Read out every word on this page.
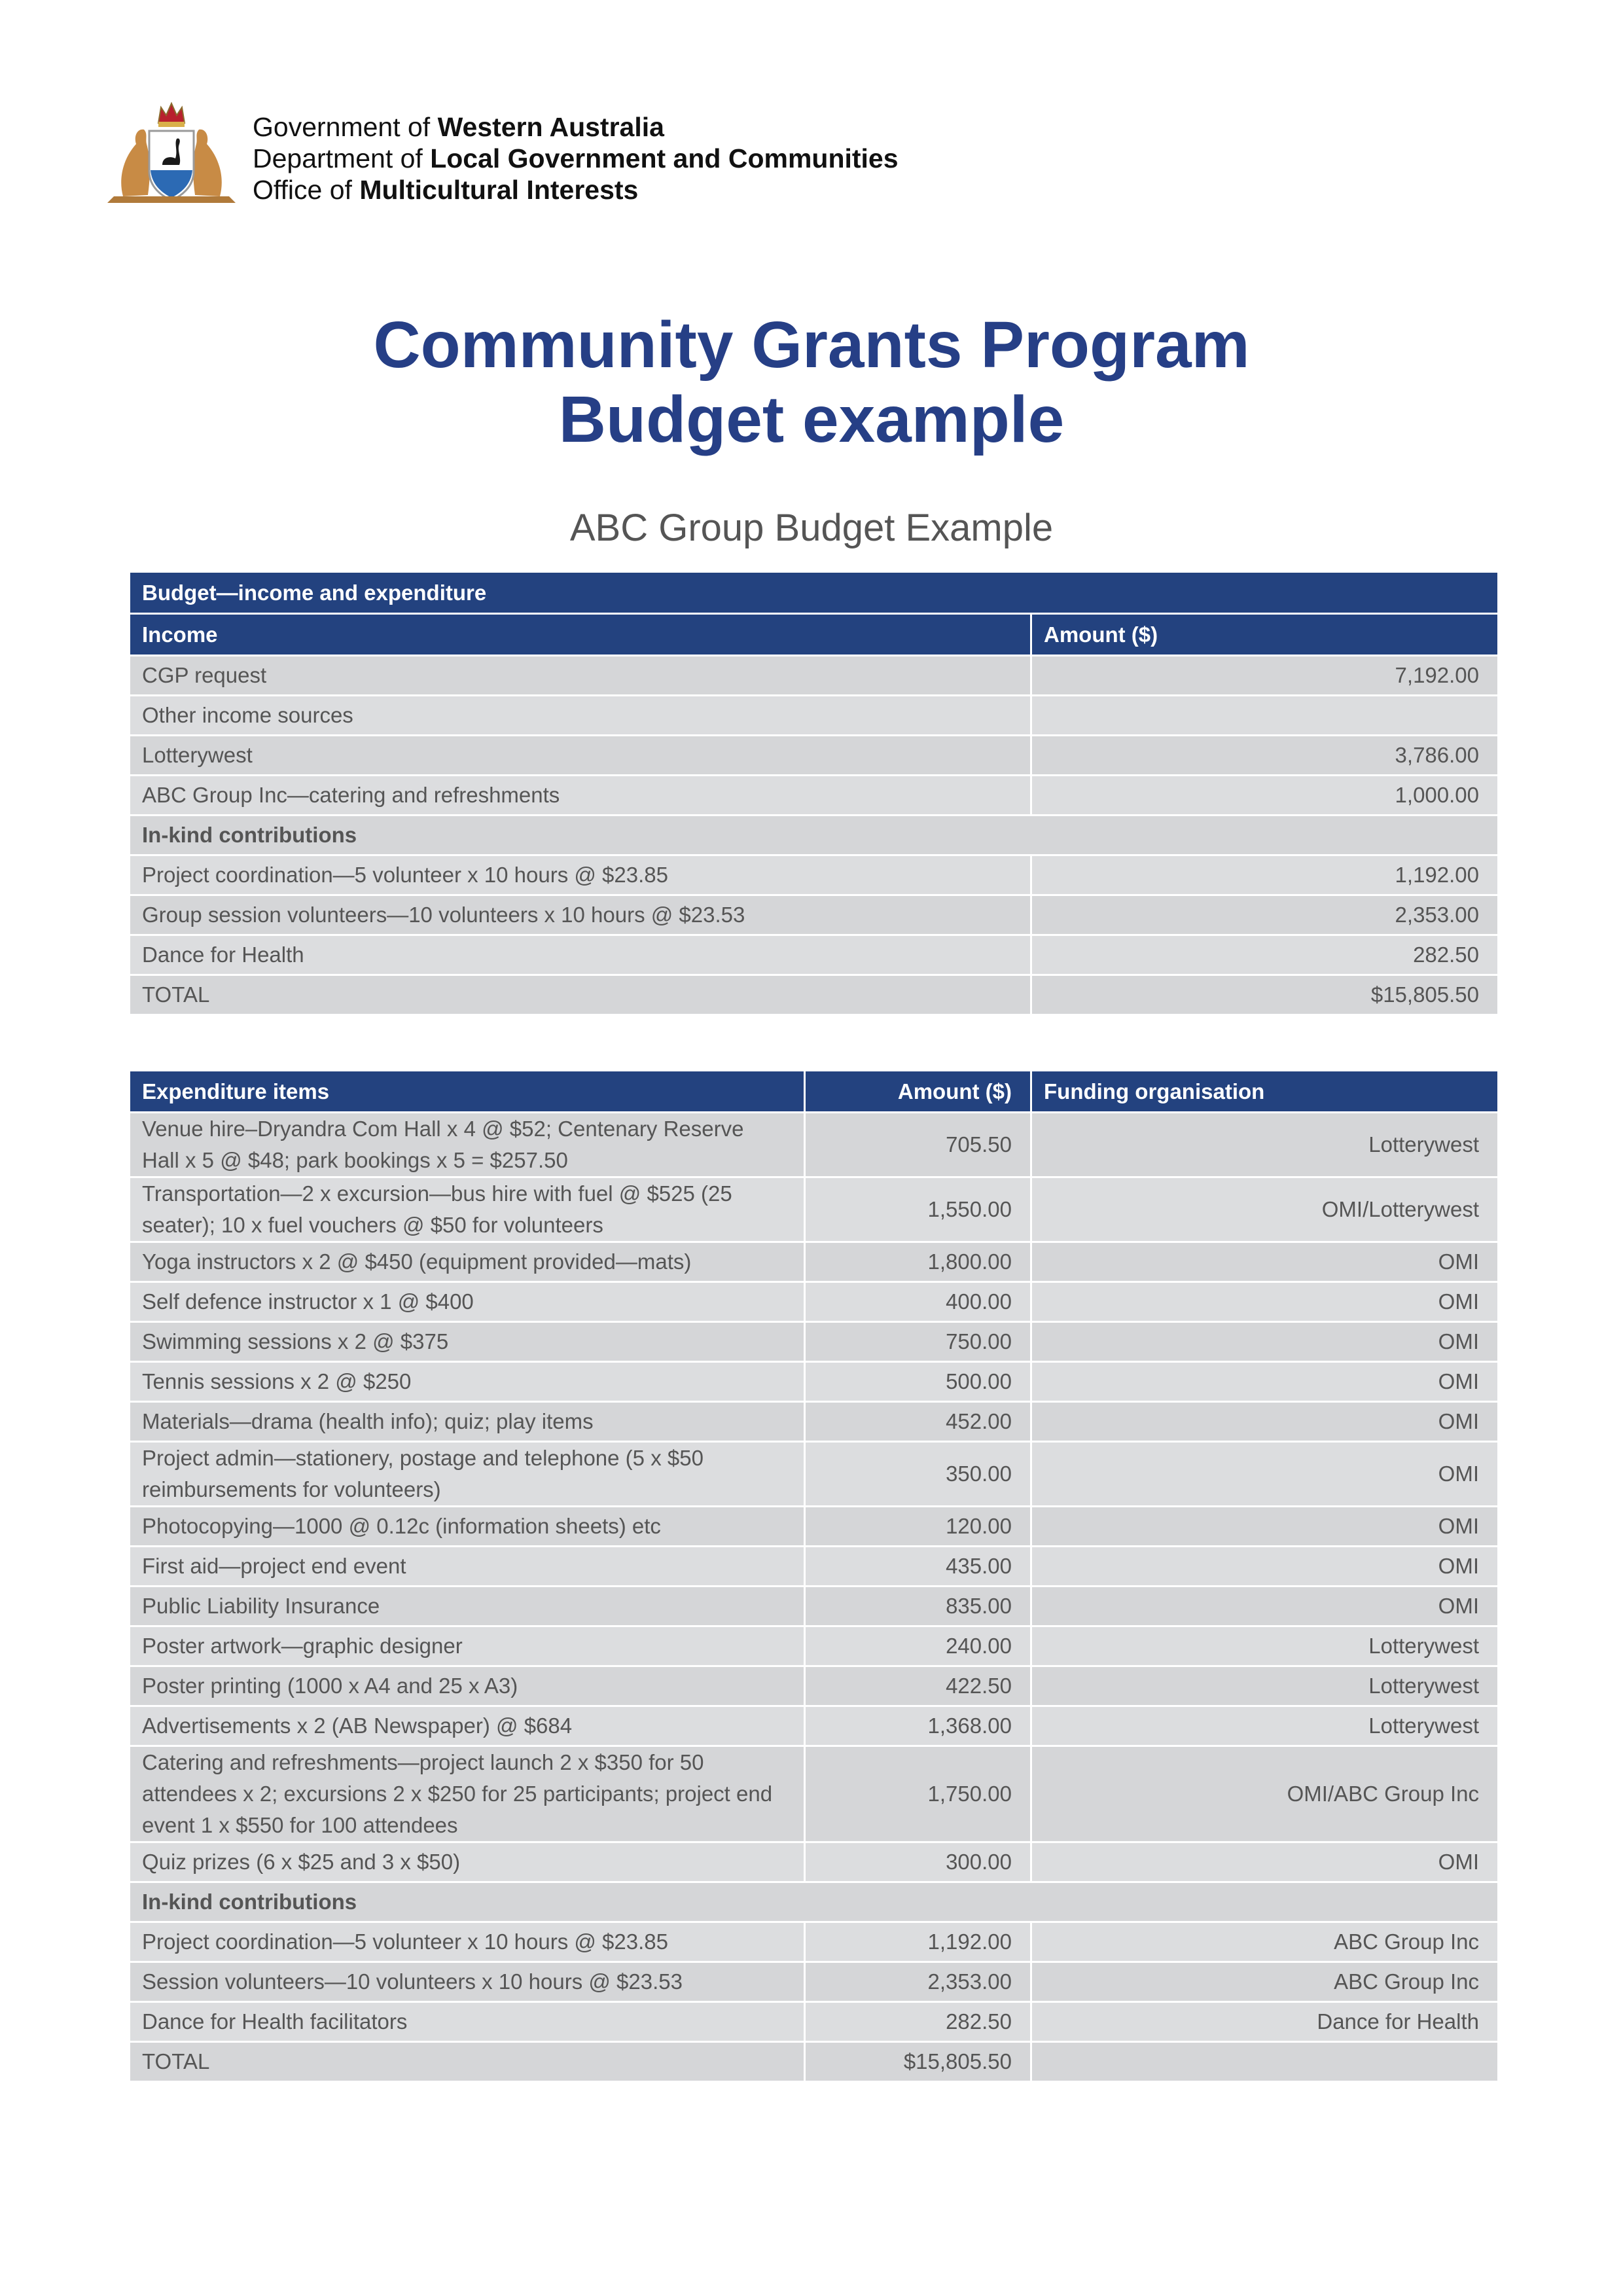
Government of Western Australia
Department of Local Government and Communities
Office of Multicultural Interests
Community Grants Program
Budget example
ABC Group Budget Example
Budget—income and expenditure	
Income	Amount ($)
CGP request	7,192.00
Other income sources	
Lotterywest	3,786.00
ABC Group Inc—catering and refreshments	1,000.00
In-kind contributions	
Project coordination—5 volunteer x 10 hours @ $23.85	1,192.00
Group session volunteers—10 volunteers x 10 hours @ $23.53	2,353.00
Dance for Health	282.50
TOTAL	$15,805.50
Expenditure items	Amount ($)	Funding organisation
Venue hire–Dryandra Com Hall x 4 @ $52; Centenary Reserve Hall x 5 @ $48; park bookings x 5 = $257.50	705.50	Lotterywest
Transportation—2 x excursion—bus hire with fuel @ $525 (25 seater); 10 x fuel vouchers @ $50 for volunteers	1,550.00	OMI/Lotterywest
Yoga instructors x 2 @ $450 (equipment provided—mats)	1,800.00	OMI
Self defence instructor x 1 @ $400	400.00	OMI
Swimming sessions x 2 @ $375	750.00	OMI
Tennis sessions x 2 @ $250	500.00	OMI
Materials—drama (health info); quiz; play items	452.00	OMI
Project admin—stationery, postage and telephone (5 x $50 reimbursements for volunteers)	350.00	OMI
Photocopying—1000 @ 0.12c (information sheets) etc	120.00	OMI
First aid—project end event	435.00	OMI
Public Liability Insurance	835.00	OMI
Poster artwork—graphic designer	240.00	Lotterywest
Poster printing (1000 x A4 and 25 x A3)	422.50	Lotterywest
Advertisements x 2 (AB Newspaper) @ $684	1,368.00	Lotterywest
Catering and refreshments—project launch 2 x $350 for 50 attendees x 2; excursions 2 x $250 for 25 participants; project end event 1 x $550 for 100 attendees	1,750.00	OMI/ABC Group Inc
Quiz prizes (6 x $25 and 3 x $50)	300.00	OMI
In-kind contributions		
Project coordination—5 volunteer x 10 hours @ $23.85	1,192.00	ABC Group Inc
Session volunteers—10 volunteers x 10 hours @ $23.53	2,353.00	ABC Group Inc
Dance for Health facilitators	282.50	Dance for Health
TOTAL	$15,805.50	
